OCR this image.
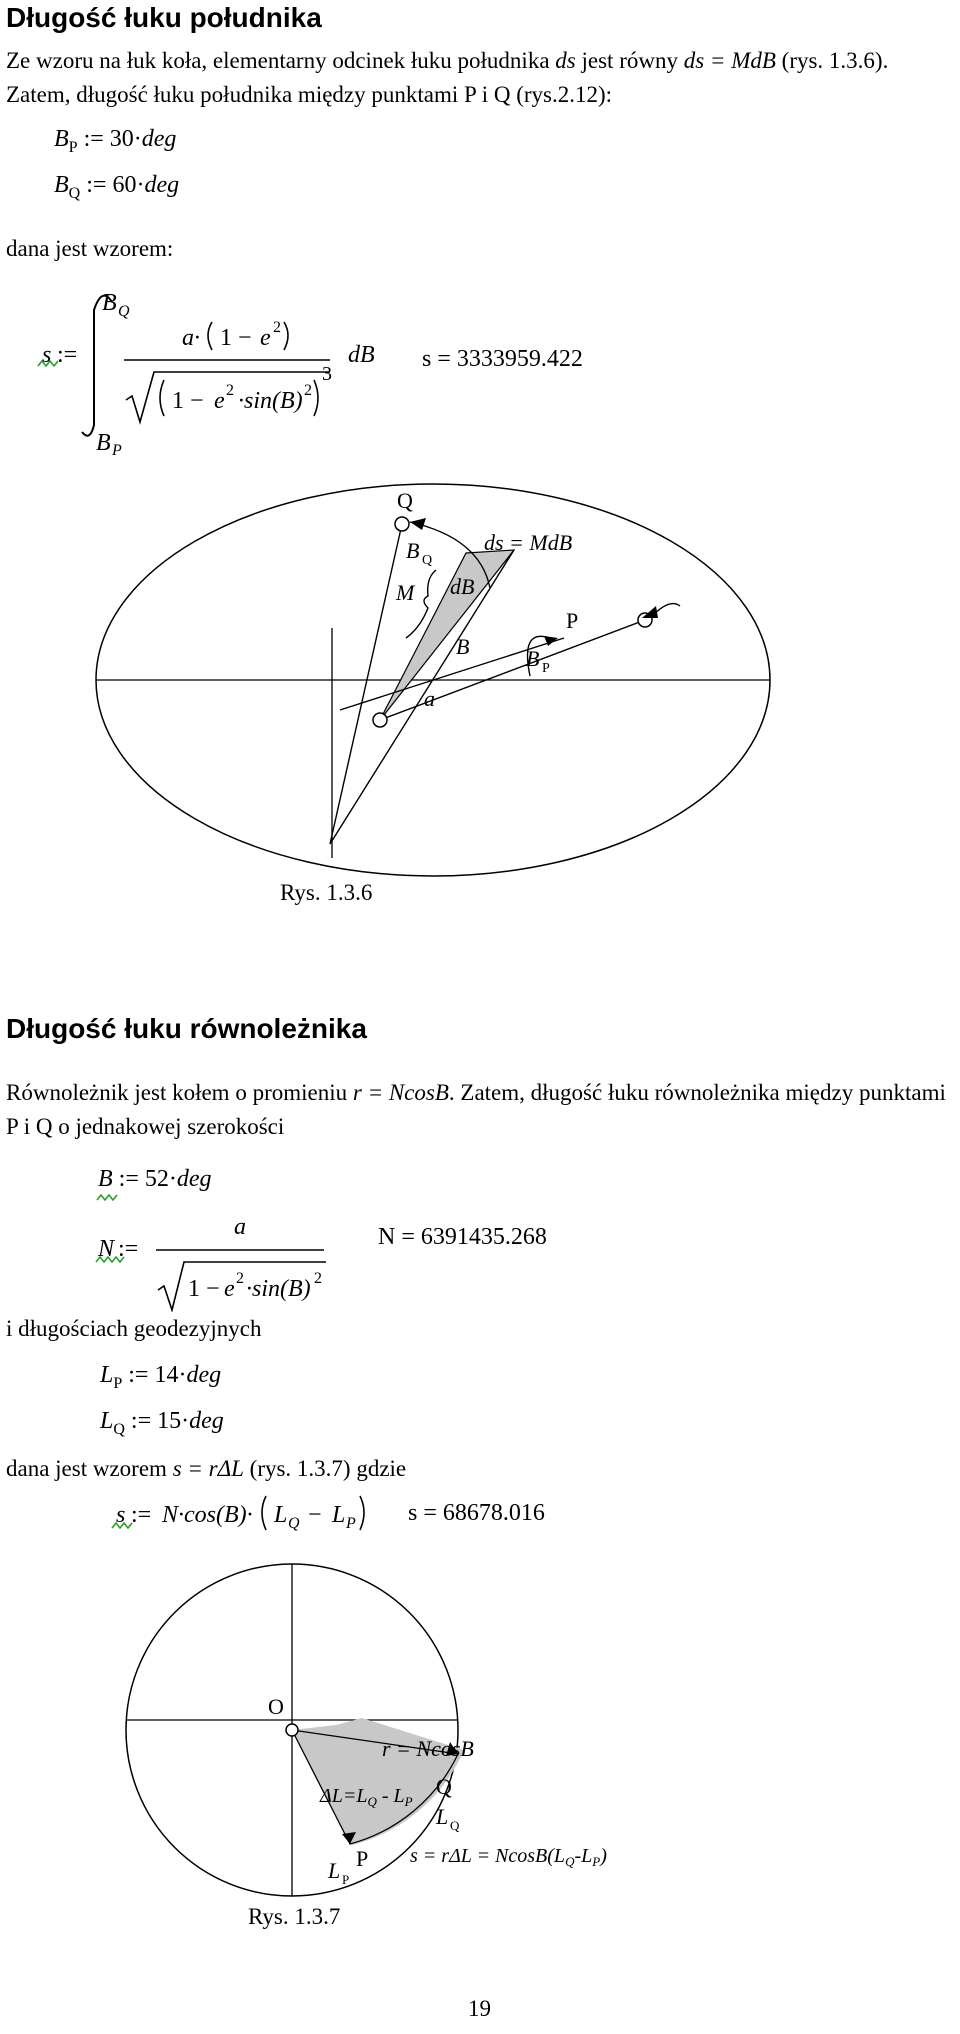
Długość łuku południka
Ze wzoru na łuk koła, elementarny odcinek łuku południka ds jest równy ds = MdB (rys. 1.3.6). Zatem, długość łuku południka między punktami P i Q (rys.2.12):
$B_P$ := 30·deg
$B_Q$ := 60·deg
dana jest wzorem:
s :=
B Q
B P
a· 1 − e 2
1 − e 2 ·sin(B) 2
3
dB s = 3333959.422
Q
B Q
ds = MdB
M dB
B
a
B P
P
Rys. 1.3.6
Długość łuku równoleżnika
Równoleżnik jest kołem o promieniu r = NcosB. Zatem, długość łuku równoleżnika między punktami P i Q o jednakowej szerokości
B := 52·deg
N :=
a
1 − e 2 ·sin(B) 2
N = 6391435.268
i długościach geodezyjnych
$L_P$ := 14·deg
$L_Q$ := 15·deg
dana jest wzorem s = rΔL (rys. 1.3.7) gdzie
s := N·cos(B)· L Q − L P s = 68678.016
O
r = NcosB
$\Delta L=L_Q - L_P$
Q
L Q
$s = r\Delta L = NcosB(L_Q-L_P)$
P
L P
Rys. 1.3.7
19
